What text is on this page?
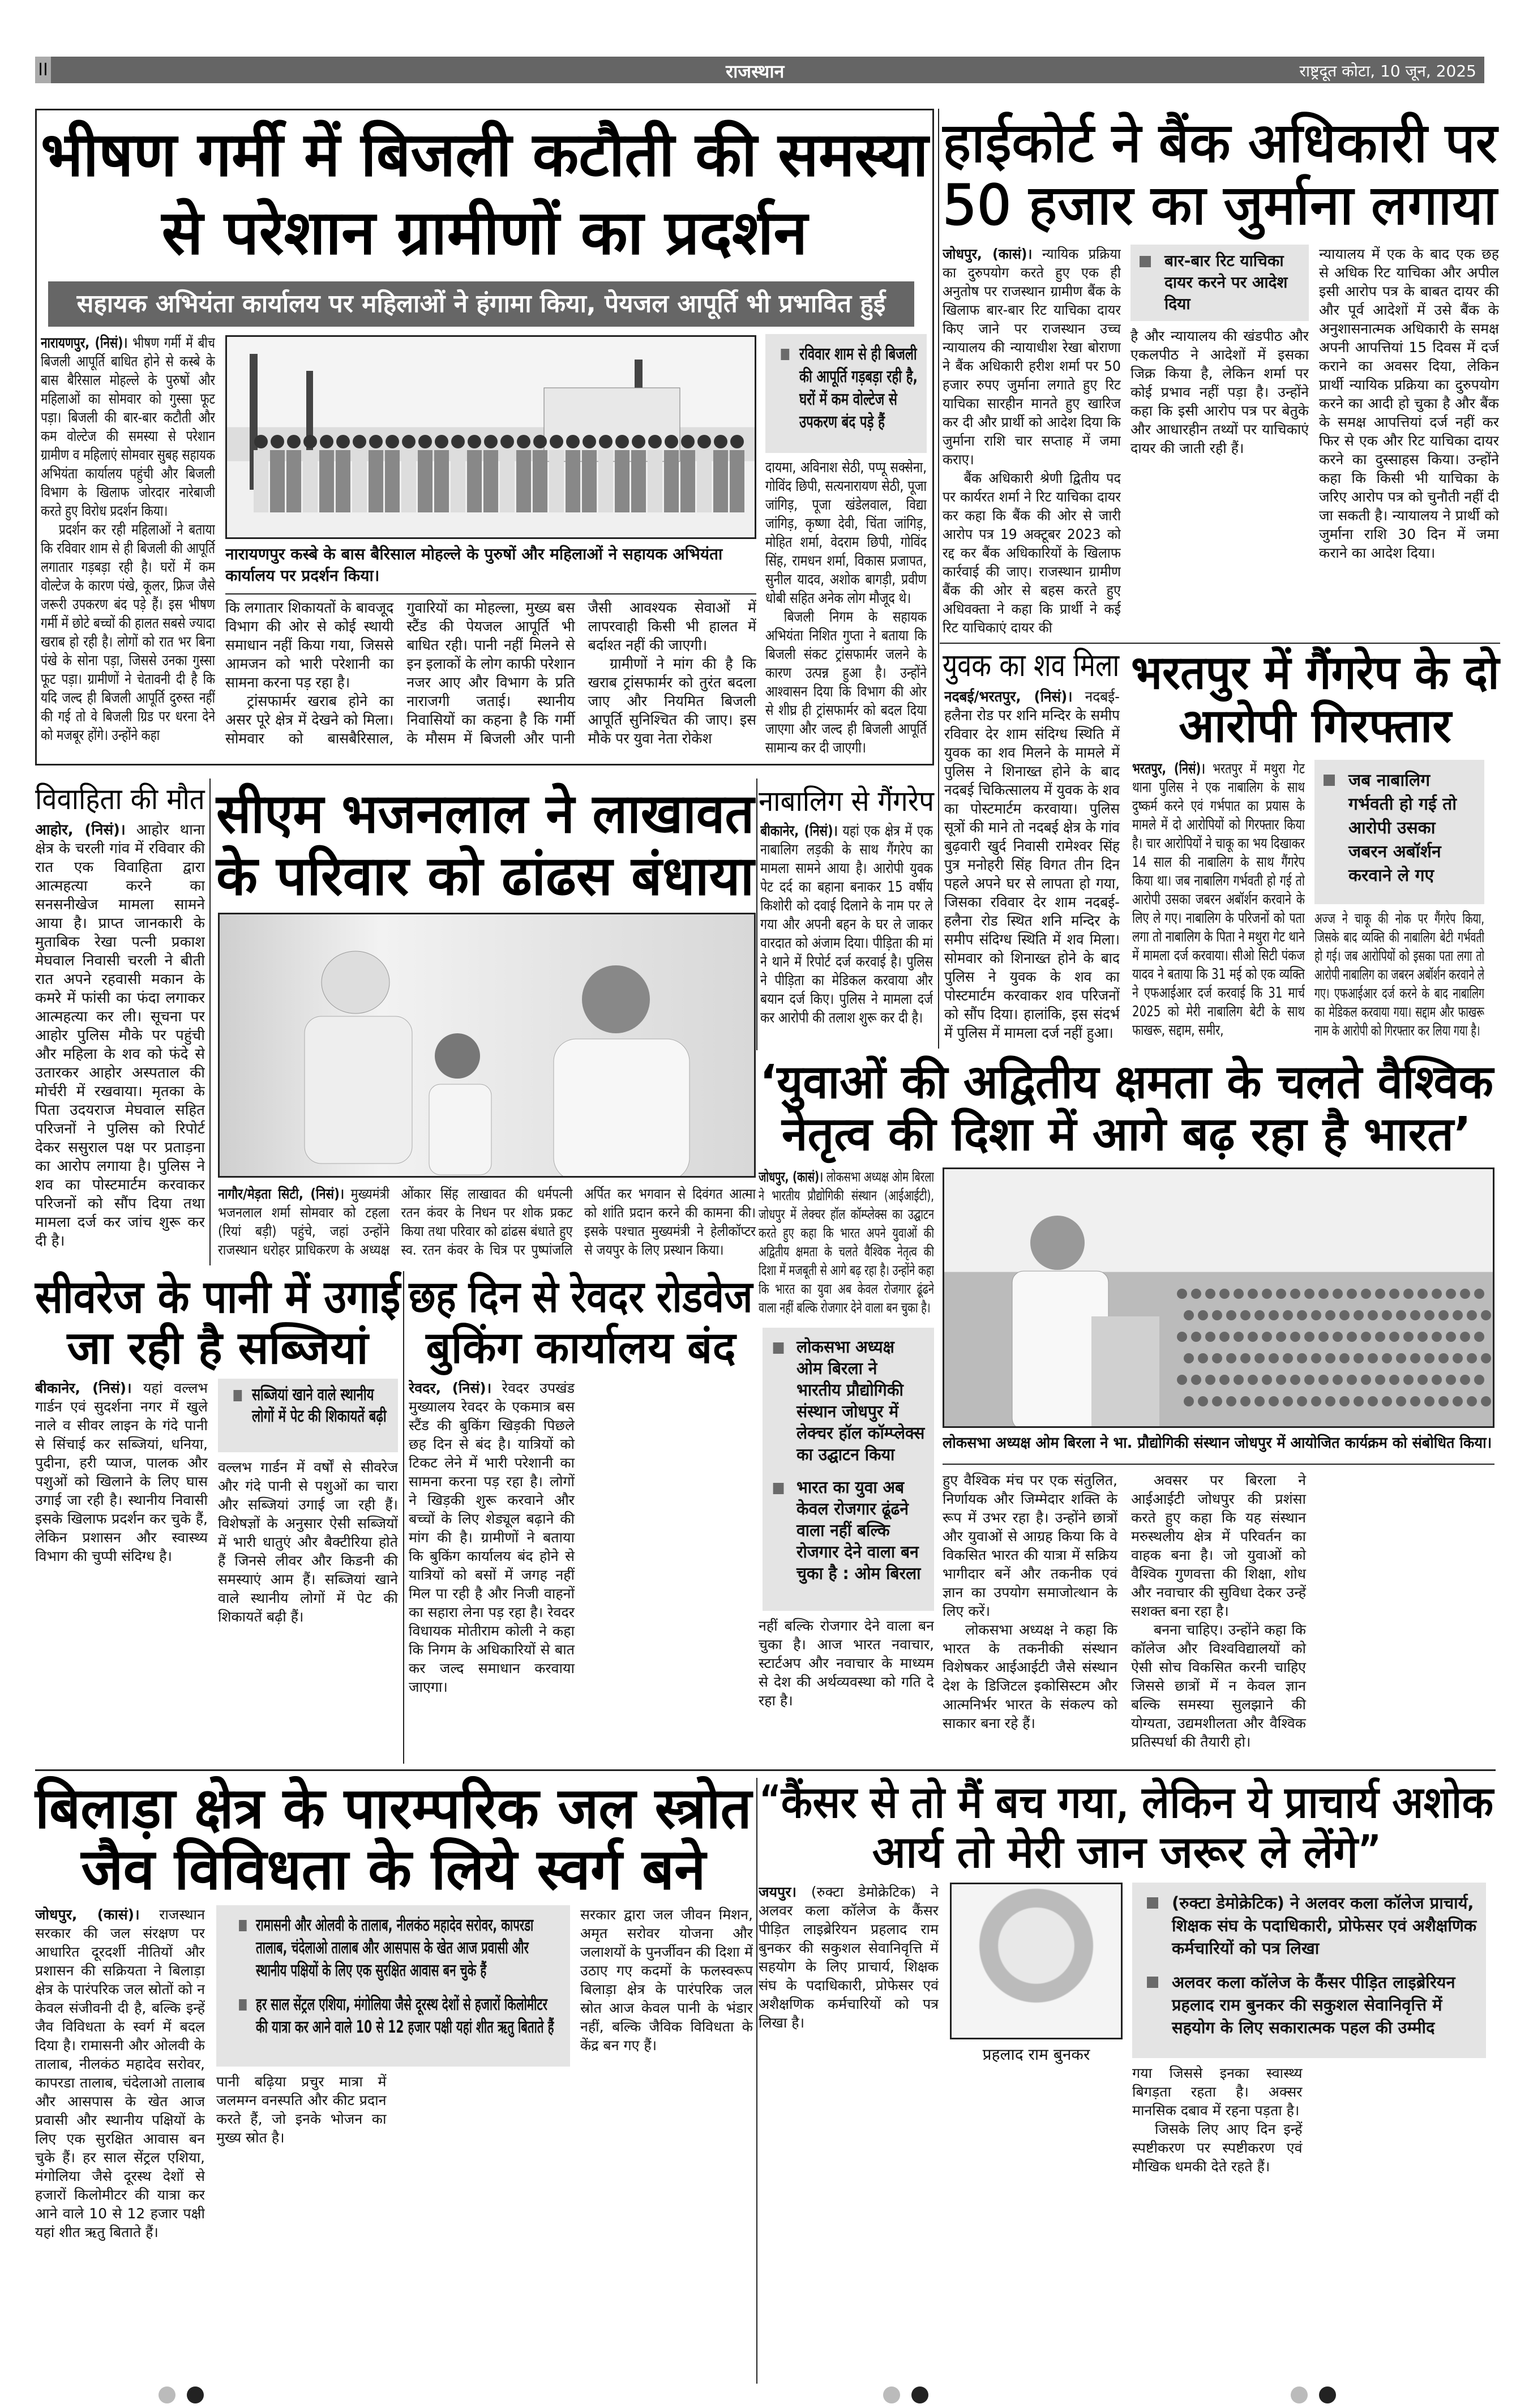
II	राजस्थान	राष्ट्रदूत कोटा, 10 जून, 2025
भीषण गर्मी में बिजली कटौती की समस्या
से परेशान ग्रामीणों का प्रदर्शन
सहायक अभियंता कार्यालय पर महिलाओं ने हंगामा किया, पेयजल आपूर्ति भी प्रभावित हुई

नारायणपुर, (निसं)। भीषण गर्मी में बीच बिजली आपूर्ति बाधित होने से कस्बे के बास बैरिसाल मोहल्ले के पुरुषों और महिलाओं का सोमवार को गुस्सा फूट पड़ा। बिजली की बार-बार कटौती और कम वोल्टेज की समस्या से परेशान ग्रामीण व महिलाएं सोमवार सुबह सहायक अभियंता कार्यालय पहुंची और बिजली विभाग के खिलाफ जोरदार नारेबाजी करते हुए विरोध प्रदर्शन किया।

प्रदर्शन कर रही महिलाओं ने बताया कि रविवार शाम से ही बिजली की आपूर्ति लगातार गड़बड़ा रही है। घरों में कम वोल्टेज के कारण पंखे, कूलर, फ्रिज जैसे जरूरी उपकरण बंद पड़े हैं। इस भीषण गर्मी में छोटे बच्चों की हालत सबसे ज्यादा खराब हो रही है। लोगों को रात भर बिना पंखे के सोना पड़ा, जिससे उनका गुस्सा फूट पड़ा। ग्रामीणों ने चेतावनी दी है कि यदि जल्द ही बिजली आपूर्ति दुरुस्त नहीं की गई तो वे बिजली ग्रिड पर धरना देने को मजबूर होंगे। उन्होंने कहा

नारायणपुर कस्बे के बास बैरिसाल मोहल्ले के पुरुषों और महिलाओं ने सहायक अभियंता कार्यालय पर प्रदर्शन किया।

कि लगातार शिकायतों के बावजूद विभाग की ओर से कोई स्थायी समाधान नहीं किया गया, जिससे आमजन को भारी परेशानी का सामना करना पड़ रहा है।

ट्रांसफार्मर खराब होने का असर पूरे क्षेत्र में देखने को मिला। सोमवार को बासबैरिसाल, गुवारियों का मोहल्ला, मुख्य बस स्टैंड की पेयजल आपूर्ति भी बाधित रही। पानी नहीं मिलने से इन इलाकों के लोग काफी परेशान नजर आए और विभाग के प्रति नाराजगी जताई। स्थानीय निवासियों का कहना है कि गर्मी के मौसम में बिजली और पानी जैसी आवश्यक सेवाओं में लापरवाही किसी भी हालत में बर्दाश्त नहीं की जाएगी।

ग्रामीणों ने मांग की है कि खराब ट्रांसफार्मर को तुरंत बदला जाए और नियमित बिजली आपूर्ति सुनिश्चित की जाए। इस मौके पर युवा नेता रोकेश

रविवार शाम से ही बिजली की आपूर्ति गड़बड़ा रही है, घरों में कम वोल्टेज से उपकरण बंद पड़े हैं

दायमा, अविनाश सेठी, पप्पू सक्सेना, गोविंद छिपी, सत्यनारायण सेठी, पूजा जांगिड़, पूजा खंडेलवाल, विद्या जांगिड़, कृष्णा देवी, चिंता जांगिड़, मोहित शर्मा, वेदराम छिपी, गोविंद सिंह, रामधन शर्मा, विकास प्रजापत, सुनील यादव, अशोक बागड़ी, प्रवीण धोबी सहित अनेक लोग मौजूद थे।

बिजली निगम के सहायक अभियंता निशित गुप्ता ने बताया कि बिजली संकट ट्रांसफार्मर जलने के कारण उत्पन्न हुआ है। उन्होंने आश्वासन दिया कि विभाग की ओर से शीघ्र ही ट्रांसफार्मर को बदल दिया जाएगा और जल्द ही बिजली आपूर्ति सामान्य कर दी जाएगी।

हाईकोर्ट ने बैंक अधिकारी पर
50 हजार का जुर्माना लगाया

जोधपुर, (कासं)। न्यायिक प्रक्रिया का दुरुपयोग करते हुए एक ही अनुतोष पर राजस्थान ग्रामीण बैंक के खिलाफ बार-बार रिट याचिका दायर किए जाने पर राजस्थान उच्च न्यायालय की न्यायाधीश रेखा बोराणा ने बैंक अधिकारी हरीश शर्मा पर 50 हजार रुपए जुर्माना लगाते हुए रिट याचिका सारहीन मानते हुए खारिज कर दी और प्रार्थी को आदेश दिया कि जुर्माना राशि चार सप्ताह में जमा कराए।

बैंक अधिकारी श्रेणी द्वितीय पद पर कार्यरत शर्मा ने रिट याचिका दायर कर कहा कि बैंक की ओर से जारी आरोप पत्र 19 अक्टूबर 2023 को रद्द कर बैंक अधिकारियों के खिलाफ कार्रवाई की जाए। राजस्थान ग्रामीण बैंक की ओर से बहस करते हुए अधिवक्ता ने कहा कि प्रार्थी ने कई रिट याचिकाएं दायर की

बार-बार रिट याचिका दायर करने पर आदेश दिया

है और न्यायालय की खंडपीठ और एकलपीठ ने आदेशों में इसका जिक्र किया है, लेकिन शर्मा पर कोई प्रभाव नहीं पड़ा है। उन्होंने कहा कि इसी आरोप पत्र पर बेतुके और आधारहीन तथ्यों पर याचिकाएं दायर की जाती रही हैं।

न्यायालय में एक के बाद एक छह से अधिक रिट याचिका और अपील इसी आरोप पत्र के बाबत दायर की और पूर्व आदेशों में उसे बैंक के अनुशासनात्मक अधिकारी के समक्ष अपनी आपत्तियां 15 दिवस में दर्ज कराने का अवसर दिया, लेकिन प्रार्थी न्यायिक प्रक्रिया का दुरुपयोग करने का आदी हो चुका है और बैंक के समक्ष आपत्तियां दर्ज नहीं कर फिर से एक और रिट याचिका दायर करने का दुस्साहस किया। उन्होंने कहा कि किसी भी याचिका के जरिए आरोप पत्र को चुनौती नहीं दी जा सकती है। न्यायालय ने प्रार्थी को जुर्माना राशि 30 दिन में जमा कराने का आदेश दिया।

युवक का शव मिला

नदबई/भरतपुर, (निसं)। नदबई-हलैना रोड पर शनि मन्दिर के समीप रविवार देर शाम संदिग्ध स्थिति में युवक का शव मिलने के मामले में पुलिस ने शिनाख्त होने के बाद नदबई चिकित्सालय में युवक के शव का पोस्टमार्टम करवाया। पुलिस सूत्रों की माने तो नदबई क्षेत्र के गांव बुढ़वारी खुर्द निवासी रामेश्वर सिंह पुत्र मनोहरी सिंह विगत तीन दिन पहले अपने घर से लापता हो गया, जिसका रविवार देर शाम नदबई-हलैना रोड स्थित शनि मन्दिर के समीप संदिग्ध स्थिति में शव मिला। सोमवार को शिनाख्त होने के बाद पुलिस ने युवक के शव का पोस्टमार्टम करवाकर शव परिजनों को सौंप दिया। हालांकि, इस संदर्भ में पुलिस में मामला दर्ज नहीं हुआ।

भरतपुर में गैंगरेप के दो
आरोपी गिरफ्तार

भरतपुर, (निसं)। भरतपुर में मथुरा गेट थाना पुलिस ने एक नाबालिग के साथ दुष्कर्म करने एवं गर्भपात का प्रयास के मामले में दो आरोपियों को गिरफ्तार किया है। चार आरोपियों ने चाकू का भय दिखाकर 14 साल की नाबालिग के साथ गैंगरेप किया था। जब नाबालिग गर्भवती हो गई तो आरोपी उसका जबरन अबॉर्शन करवाने के लिए ले गए। नाबालिग के परिजनों को पता लगा तो नाबालिग के पिता ने मथुरा गेट थाने में मामला दर्ज करवाया। सीओ सिटी पंकज यादव ने बताया कि 31 मई को एक व्यक्ति ने एफआईआर दर्ज करवाई कि 31 मार्च 2025 को मेरी नाबालिग बेटी के साथ फाखरू, सद्दाम, समीर,

जब नाबालिग गर्भवती हो गई तो आरोपी उसका जबरन अबॉर्शन करवाने ले गए

अज्ज ने चाकू की नोक पर गैंगरेप किया, जिसके बाद व्यक्ति की नाबालिग बेटी गर्भवती हो गई। जब आरोपियों को इसका पता लगा तो आरोपी नाबालिग का जबरन अबॉर्शन करवाने ले गए। एफआईआर दर्ज करने के बाद नाबालिग का मेडिकल करवाया गया। सद्दाम और फाखरू नाम के आरोपी को गिरफ्तार कर लिया गया है।

विवाहिता की मौत

आहोर, (निसं)। आहोर थाना क्षेत्र के चरली गांव में रविवार की रात एक विवाहिता द्वारा आत्महत्या करने का सनसनीखेज मामला सामने आया है। प्राप्त जानकारी के मुताबिक रेखा पत्नी प्रकाश मेघवाल निवासी चरली ने बीती रात अपने रहवासी मकान के कमरे में फांसी का फंदा लगाकर आत्महत्या कर ली। सूचना पर आहोर पुलिस मौके पर पहुंची और महिला के शव को फंदे से उतारकर आहोर अस्पताल की मोर्चरी में रखवाया। मृतका के पिता उदयराज मेघवाल सहित परिजनों ने पुलिस को रिपोर्ट देकर ससुराल पक्ष पर प्रताड़ना का आरोप लगाया है। पुलिस ने शव का पोस्टमार्टम करवाकर परिजनों को सौंप दिया तथा मामला दर्ज कर जांच शुरू कर दी है।

सीएम भजनलाल ने लाखावत
के परिवार को ढांढस बंधाया

नागौर/मेड़ता सिटी, (निसं)। मुख्यमंत्री भजनलाल शर्मा सोमवार को टहला (रियां बड़ी) पहुंचे, जहां उन्होंने राजस्थान धरोहर प्राधिकरण के अध्यक्ष ओंकार सिंह लाखावत की धर्मपत्नी रतन कंवर के निधन पर शोक प्रकट किया तथा परिवार को ढांढस बंधाते हुए स्व. रतन कंवर के चित्र पर पुष्पांजलि अर्पित कर भगवान से दिवंगत आत्मा को शांति प्रदान करने की कामना की। इसके पश्चात मुख्यमंत्री ने हेलीकॉप्टर से जयपुर के लिए प्रस्थान किया।

नाबालिग से गैंगरेप

बीकानेर, (निसं)। यहां एक क्षेत्र में एक नाबालिग लड़की के साथ गैंगरेप का मामला सामने आया है। आरोपी युवक पेट दर्द का बहाना बनाकर 15 वर्षीय किशोरी को दवाई दिलाने के नाम पर ले गया और अपनी बहन के घर ले जाकर वारदात को अंजाम दिया। पीड़िता की मां ने थाने में रिपोर्ट दर्ज करवाई है। पुलिस ने पीड़िता का मेडिकल करवाया और बयान दर्ज किए। पुलिस ने मामला दर्ज कर आरोपी की तलाश शुरू कर दी है।

‘युवाओं की अद्वितीय क्षमता के चलते वैश्विक
नेतृत्व की दिशा में आगे बढ़ रहा है भारत’

जोधपुर, (कासं)। लोकसभा अध्यक्ष ओम बिरला ने भारतीय प्रौद्योगिकी संस्थान (आईआईटी), जोधपुर में लेक्चर हॉल कॉम्प्लेक्स का उद्घाटन करते हुए कहा कि भारत अपने युवाओं की अद्वितीय क्षमता के चलते वैश्विक नेतृत्व की दिशा में मजबूती से आगे बढ़ रहा है। उन्होंने कहा कि भारत का युवा अब केवल रोजगार ढूंढने वाला नहीं बल्कि रोजगार देने वाला बन चुका है।

लोकसभा अध्यक्ष ओम बिरला ने भारतीय प्रौद्योगिकी संस्थान जोधपुर में लेक्चर हॉल कॉम्प्लेक्स का उद्घाटन किया
भारत का युवा अब केवल रोजगार ढूंढने वाला नहीं बल्कि रोजगार देने वाला बन चुका है : ओम बिरला

नहीं बल्कि रोजगार देने वाला बन चुका है। आज भारत नवाचार, स्टार्टअप और नवाचार के माध्यम से देश की अर्थव्यवस्था को गति दे रहा है।

लोकसभा अध्यक्ष ओम बिरला ने भा. प्रौद्योगिकी संस्थान जोधपुर में आयोजित कार्यक्रम को संबोधित किया।

हुए वैश्विक मंच पर एक संतुलित, निर्णायक और जिम्मेदार शक्ति के रूप में उभर रहा है। उन्होंने छात्रों और युवाओं से आग्रह किया कि वे विकसित भारत की यात्रा में सक्रिय भागीदार बनें और तकनीक एवं ज्ञान का उपयोग समाजोत्थान के लिए करें।

लोकसभा अध्यक्ष ने कहा कि भारत के तकनीकी संस्थान विशेषकर आईआईटी जैसे संस्थान देश के डिजिटल इकोसिस्टम और आत्मनिर्भर भारत के संकल्प को साकार बना रहे हैं।

अवसर पर बिरला ने आईआईटी जोधपुर की प्रशंसा करते हुए कहा कि यह संस्थान मरुस्थलीय क्षेत्र में परिवर्तन का वाहक बना है। जो युवाओं को वैश्विक गुणवत्ता की शिक्षा, शोध और नवाचार की सुविधा देकर उन्हें सशक्त बना रहा है।

बनना चाहिए। उन्होंने कहा कि कॉलेज और विश्वविद्यालयों को ऐसी सोच विकसित करनी चाहिए जिससे छात्रों में न केवल ज्ञान बल्कि समस्या सुलझाने की योग्यता, उद्यमशीलता और वैश्विक प्रतिस्पर्धा की तैयारी हो।

सीवरेज के पानी में उगाई
जा रही है सब्जियां

बीकानेर, (निसं)। यहां वल्लभ गार्डन एवं सुदर्शना नगर में खुले नाले व सीवर लाइन के गंदे पानी से सिंचाई कर सब्जियां, धनिया, पुदीना, हरी प्याज, पालक और पशुओं को खिलाने के लिए घास उगाई जा रही है। स्थानीय निवासी इसके खिलाफ प्रदर्शन कर चुके हैं, लेकिन प्रशासन और स्वास्थ्य विभाग की चुप्पी संदिग्ध है।

सब्जियां खाने वाले स्थानीय लोगों में पेट की शिकायतें बढ़ी

वल्लभ गार्डन में वर्षों से सीवरेज और गंदे पानी से पशुओं का चारा और सब्जियां उगाई जा रही हैं। विशेषज्ञों के अनुसार ऐसी सब्जियों में भारी धातुएं और बैक्टीरिया होते हैं जिनसे लीवर और किडनी की समस्याएं आम हैं। सब्जियां खाने वाले स्थानीय लोगों में पेट की शिकायतें बढ़ी हैं।

छह दिन से रेवदर रोडवेज
बुकिंग कार्यालय बंद

रेवदर, (निसं)। रेवदर उपखंड मुख्यालय रेवदर के एकमात्र बस स्टैंड की बुकिंग खिड़की पिछले छह दिन से बंद है। यात्रियों को टिकट लेने में भारी परेशानी का सामना करना पड़ रहा है। लोगों ने खिड़की शुरू करवाने और बच्चों के लिए शेड्यूल बढ़ाने की मांग की है। ग्रामीणों ने बताया कि बुकिंग कार्यालय बंद होने से यात्रियों को बसों में जगह नहीं मिल पा रही है और निजी वाहनों का सहारा लेना पड़ रहा है। रेवदर विधायक मोतीराम कोली ने कहा कि निगम के अधिकारियों से बात कर जल्द समाधान करवाया जाएगा।

बिलाड़ा क्षेत्र के पारम्परिक जल स्त्रोत
जैव विविधता के लिये स्वर्ग बने

जोधपुर, (कासं)। राजस्थान सरकार की जल संरक्षण पर आधारित दूरदर्शी नीतियों और प्रशासन की सक्रियता ने बिलाड़ा क्षेत्र के पारंपरिक जल स्रोतों को न केवल संजीवनी दी है, बल्कि इन्हें जैव विविधता के स्वर्ग में बदल दिया है। रामासनी और ओलवी के तालाब, नीलकंठ महादेव सरोवर, कापरडा तालाब, चंदेलाओ तालाब और आसपास के खेत आज प्रवासी और स्थानीय पक्षियों के लिए एक सुरक्षित आवास बन चुके हैं। हर साल सेंट्रल एशिया, मंगोलिया जैसे दूरस्थ देशों से हजारों किलोमीटर की यात्रा कर आने वाले 10 से 12 हजार पक्षी यहां शीत ऋतु बिताते हैं।

रामासनी और ओलवी के तालाब, नीलकंठ महादेव सरोवर, कापरडा तालाब, चंदेलाओ तालाब और आसपास के खेत आज प्रवासी और स्थानीय पक्षियों के लिए एक सुरक्षित आवास बन चुके हैं
हर साल सेंट्रल एशिया, मंगोलिया जैसे दूरस्थ देशों से हजारों किलोमीटर की यात्रा कर आने वाले 10 से 12 हजार पक्षी यहां शीत ऋतु बिताते हैं

पानी बढ़िया प्रचुर मात्रा में जलमग्न वनस्पति और कीट प्रदान करते हैं, जो इनके भोजन का मुख्य स्रोत है।

सरकार द्वारा जल जीवन मिशन, अमृत सरोवर योजना और जलाशयों के पुनर्जीवन की दिशा में उठाए गए कदमों के फलस्वरूप बिलाड़ा क्षेत्र के पारंपरिक जल स्रोत आज केवल पानी के भंडार नहीं, बल्कि जैविक विविधता के केंद्र बन गए हैं।

“कैंसर से तो मैं बच गया, लेकिन ये प्राचार्य अशोक
आर्य तो मेरी जान जरूर ले लेंगे”

जयपुर। (रुक्टा डेमोक्रेटिक) ने अलवर कला कॉलेज के कैंसर पीड़ित लाइब्रेरियन प्रहलाद राम बुनकर की सकुशल सेवानिवृत्ति में सहयोग के लिए प्राचार्य, शिक्षक संघ के पदाधिकारी, प्रोफेसर एवं अशैक्षणिक कर्मचारियों को पत्र लिखा है।

प्रहलाद राम बुनकर
(रुक्टा डेमोक्रेटिक) ने अलवर कला कॉलेज प्राचार्य, शिक्षक संघ के पदाधिकारी, प्रोफेसर एवं अशैक्षणिक कर्मचारियों को पत्र लिखा
अलवर कला कॉलेज के कैंसर पीड़ित लाइब्रेरियन प्रहलाद राम बुनकर की सकुशल सेवानिवृत्ति में सहयोग के लिए सकारात्मक पहल की उम्मीद

गया जिससे इनका स्वास्थ्य बिगड़ता रहता है। अक्सर मानसिक दबाव में रहना पड़ता है।

जिसके लिए आए दिन इन्हें स्पष्टीकरण पर स्पष्टीकरण एवं मौखिक धमकी देते रहते हैं।
